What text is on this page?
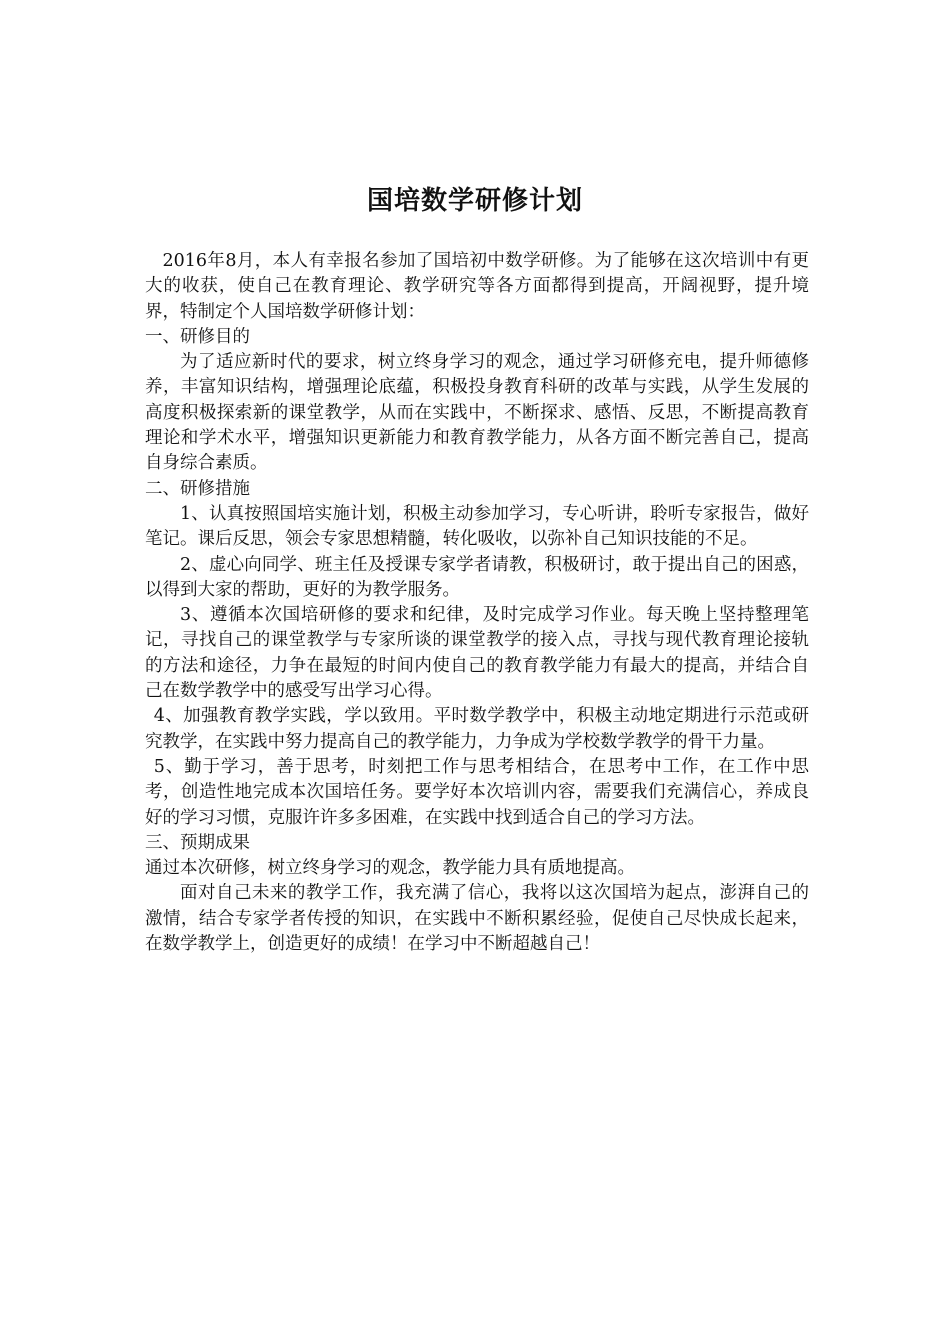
国培数学研修计划

2016年8月，本人有幸报名参加了国培初中数学研修。为了能够在这次培训中有更大的收获，使自己在教育理论、教学研究等各方面都得到提高，开阔视野，提升境界，特制定个人国培数学研修计划：

一、研修目的

为了适应新时代的要求，树立终身学习的观念，通过学习研修充电，提升师德修养，丰富知识结构，增强理论底蕴，积极投身教育科研的改革与实践，从学生发展的高度积极探索新的课堂教学，从而在实践中，不断探求、感悟、反思，不断提高教育理论和学术水平，增强知识更新能力和教育教学能力，从各方面不断完善自己，提高自身综合素质。

二、研修措施

1、认真按照国培实施计划，积极主动参加学习，专心听讲，聆听专家报告，做好笔记。课后反思，领会专家思想精髓，转化吸收，以弥补自己知识技能的不足。

2、虚心向同学、班主任及授课专家学者请教，积极研讨，敢于提出自己的困惑，以得到大家的帮助，更好的为教学服务。

3、遵循本次国培研修的要求和纪律，及时完成学习作业。每天晚上坚持整理笔记，寻找自己的课堂教学与专家所谈的课堂教学的接入点，寻找与现代教育理论接轨的方法和途径，力争在最短的时间内使自己的教育教学能力有最大的提高，并结合自己在数学教学中的感受写出学习心得。

4、加强教育教学实践，学以致用。平时数学教学中，积极主动地定期进行示范或研究教学，在实践中努力提高自己的教学能力，力争成为学校数学教学的骨干力量。

5、勤于学习，善于思考，时刻把工作与思考相结合，在思考中工作，在工作中思考，创造性地完成本次国培任务。要学好本次培训内容，需要我们充满信心，养成良好的学习习惯，克服许许多多困难，在实践中找到适合自己的学习方法。

三、预期成果

通过本次研修，树立终身学习的观念，教学能力具有质地提高。

面对自己未来的教学工作，我充满了信心，我将以这次国培为起点，澎湃自己的激情，结合专家学者传授的知识，在实践中不断积累经验，促使自己尽快成长起来，在数学教学上，创造更好的成绩！在学习中不断超越自己！
